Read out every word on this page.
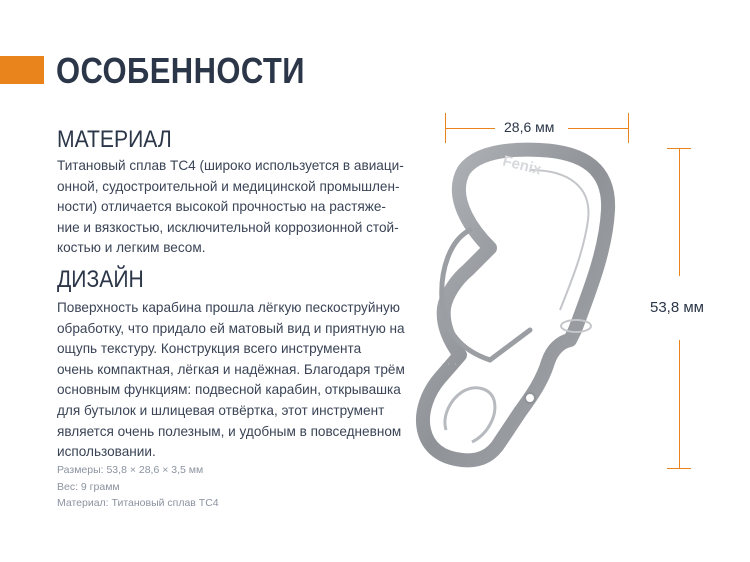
ОСОБЕННОСТИ
МАТЕРИАЛ

Титановый сплав ТС4 (широко используется в авиаци-
онной, судостроительной и медицинской промышлен-
ности) отличается высокой прочностью на растяже-
ние и вязкостью, исключительной коррозионной стой-
костью и легким весом.

ДИЗАЙН

Поверхность карабина прошла лёгкую пескоструйную
обработку, что придало ей матовый вид и приятную на
ощупь текстуру. Конструкция всего инструмента
очень компактная, лёгкая и надёжная. Благодаря трём
основным функциям: подвесной карабин, открывашка
для бутылок и шлицевая отвёртка, этот инструмент
является очень полезным, и удобным в повседневном
использовании.

Размеры: 53,8 × 28,6 × 3,5 мм
Вес: 9 грамм
Материал: Титановый сплав ТС4
28,6 мм
53,8 мм
Fenix
· · ·
